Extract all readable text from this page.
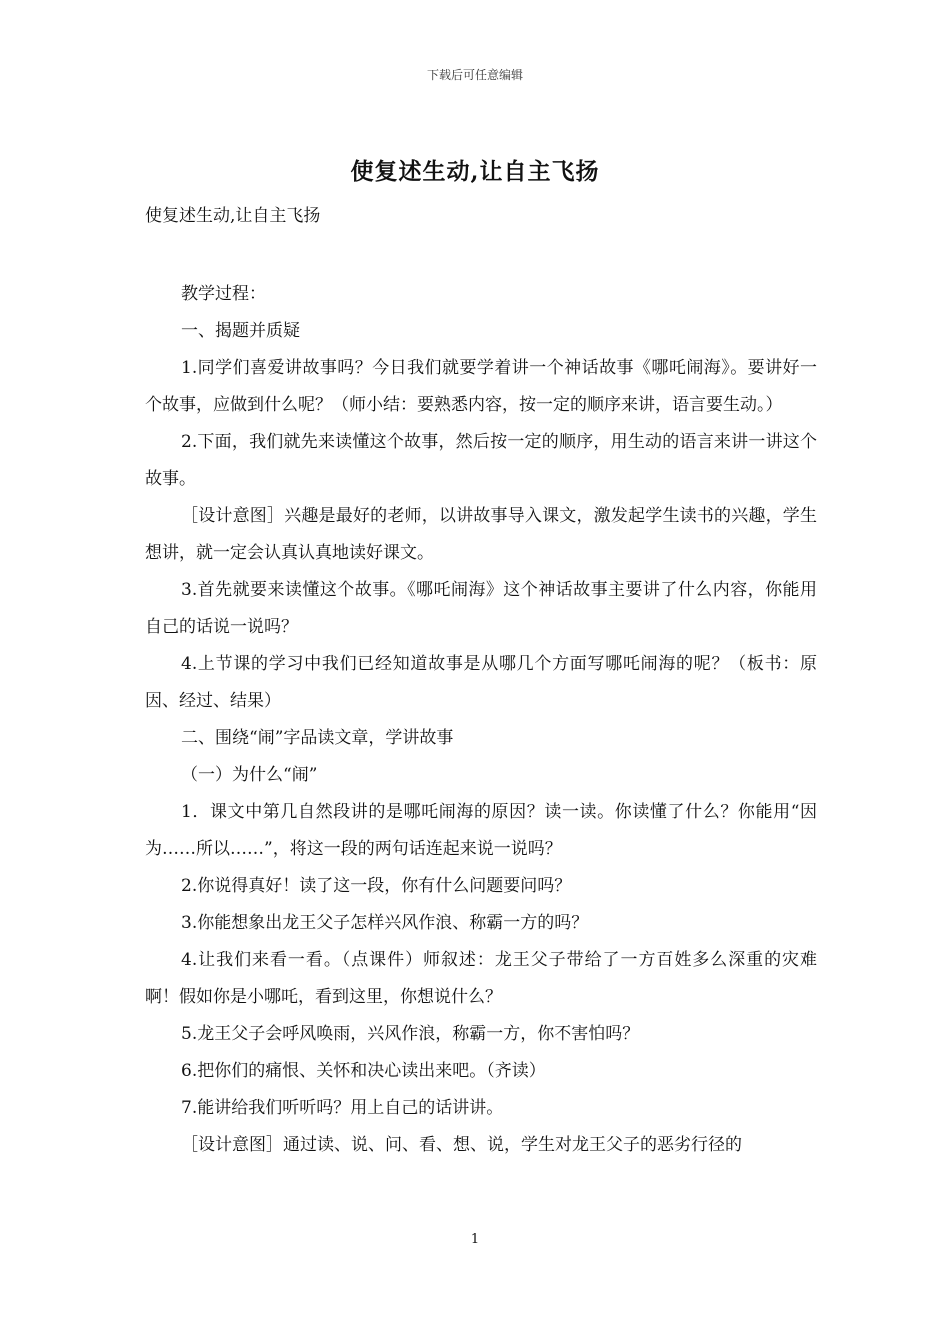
下载后可任意编辑
使复述生动,让自主飞扬
使复述生动,让自主飞扬

教学过程：

一、揭题并质疑

1.同学们喜爱讲故事吗？今日我们就要学着讲一个神话故事《哪吒闹海》。要讲好一个故事，应做到什么呢？（师小结：要熟悉内容，按一定的顺序来讲，语言要生动。）

2.下面，我们就先来读懂这个故事，然后按一定的顺序，用生动的语言来讲一讲这个故事。

［设计意图］兴趣是最好的老师，以讲故事导入课文，激发起学生读书的兴趣，学生想讲，就一定会认真认真地读好课文。

3.首先就要来读懂这个故事。《哪吒闹海》这个神话故事主要讲了什么内容，你能用自己的话说一说吗？

4.上节课的学习中我们已经知道故事是从哪几个方面写哪吒闹海的呢？（板书：原因、经过、结果）

二、围绕“闹”字品读文章，学讲故事

（一）为什么“闹”

1．课文中第几自然段讲的是哪吒闹海的原因？读一读。你读懂了什么？你能用“因为……所以……”，将这一段的两句话连起来说一说吗？

2.你说得真好！读了这一段，你有什么问题要问吗？

3.你能想象出龙王父子怎样兴风作浪、称霸一方的吗？

4.让我们来看一看。（点课件）师叙述：龙王父子带给了一方百姓多么深重的灾难啊！假如你是小哪吒，看到这里，你想说什么？

5.龙王父子会呼风唤雨，兴风作浪，称霸一方，你不害怕吗？

6.把你们的痛恨、关怀和决心读出来吧。（齐读）

7.能讲给我们听听吗？用上自己的话讲讲。

［设计意图］通过读、说、问、看、想、说，学生对龙王父子的恶劣行径的

1
